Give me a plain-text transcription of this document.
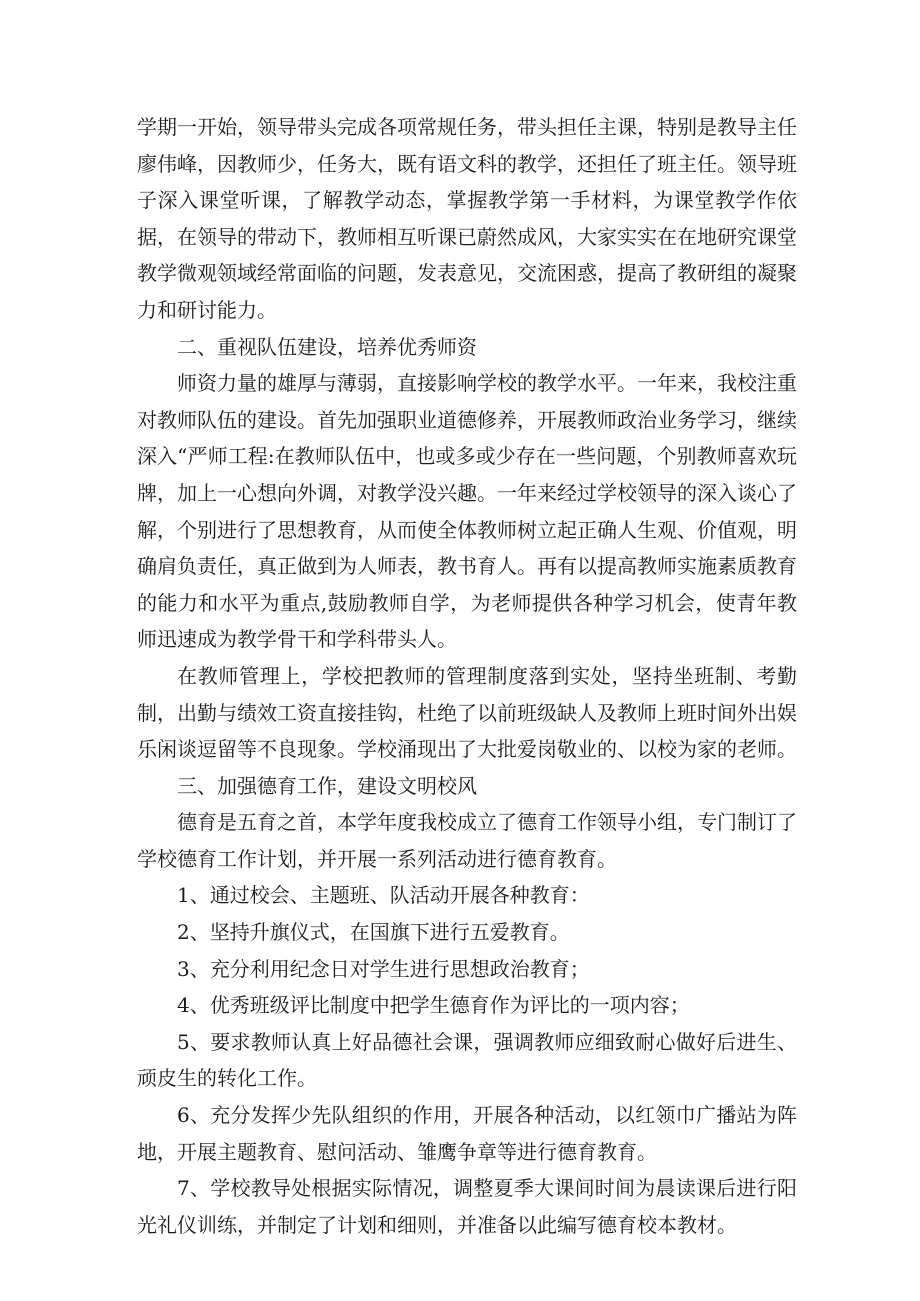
学期一开始，领导带头完成各项常规任务，带头担任主课，特别是教导主任廖伟峰，因教师少，任务大，既有语文科的教学，还担任了班主任。领导班子深入课堂听课，了解教学动态，掌握教学第一手材料，为课堂教学作依据，在领导的带动下，教师相互听课已蔚然成风，大家实实在在地研究课堂教学微观领域经常面临的问题，发表意见，交流困惑，提高了教研组的凝聚力和研讨能力。

二、重视队伍建设，培养优秀师资

师资力量的雄厚与薄弱，直接影响学校的教学水平。一年来，我校注重对教师队伍的建设。首先加强职业道德修养，开展教师政治业务学习，继续深入“严师工程:在教师队伍中，也或多或少存在一些问题，个别教师喜欢玩牌，加上一心想向外调，对教学没兴趣。一年来经过学校领导的深入谈心了解，个别进行了思想教育，从而使全体教师树立起正确人生观、价值观，明确肩负责任，真正做到为人师表，教书育人。再有以提高教师实施素质教育的能力和水平为重点,鼓励教师自学，为老师提供各种学习机会，使青年教师迅速成为教学骨干和学科带头人。

在教师管理上，学校把教师的管理制度落到实处，坚持坐班制、考勤制，出勤与绩效工资直接挂钩，杜绝了以前班级缺人及教师上班时间外出娱乐闲谈逗留等不良现象。学校涌现出了大批爱岗敬业的、以校为家的老师。

三、加强德育工作，建设文明校风

德育是五育之首，本学年度我校成立了德育工作领导小组，专门制订了学校德育工作计划，并开展一系列活动进行德育教育。

1、通过校会、主题班、队活动开展各种教育：

2、坚持升旗仪式，在国旗下进行五爱教育。

3、充分利用纪念日对学生进行思想政治教育；

4、优秀班级评比制度中把学生德育作为评比的一项内容；

5、要求教师认真上好品德社会课，强调教师应细致耐心做好后进生、顽皮生的转化工作。

6、充分发挥少先队组织的作用，开展各种活动，以红领巾广播站为阵地，开展主题教育、慰问活动、雏鹰争章等进行德育教育。

7、学校教导处根据实际情况，调整夏季大课间时间为晨读课后进行阳光礼仪训练，并制定了计划和细则，并准备以此编写德育校本教材。
